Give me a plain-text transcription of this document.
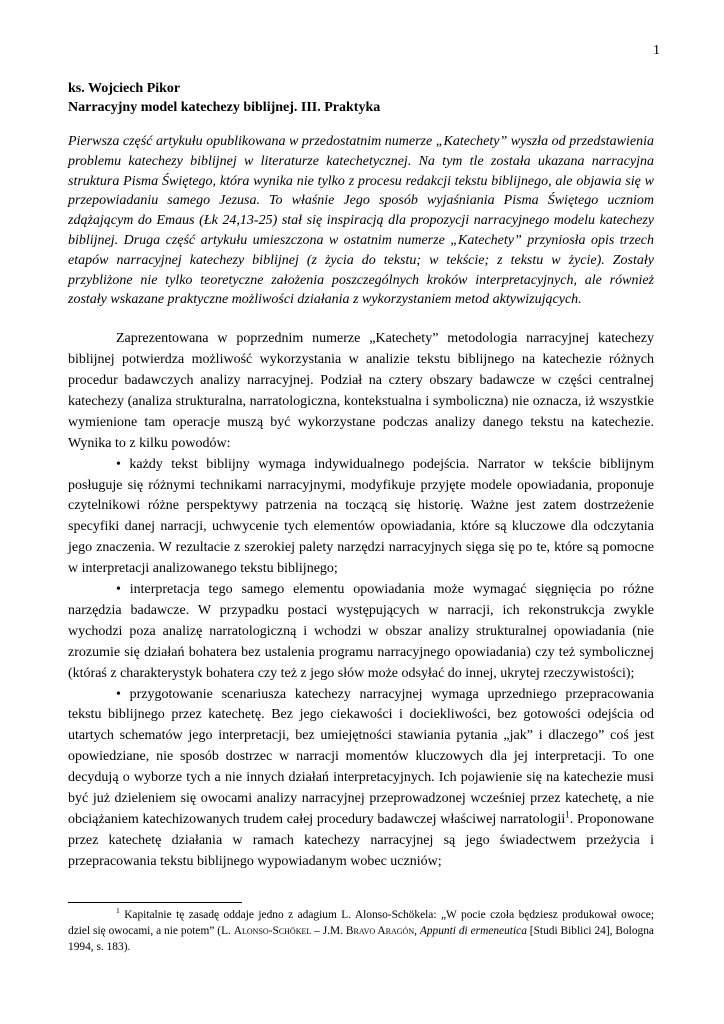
1
ks. Wojciech Pikor
Narracyjny model katechezy biblijnej. III. Praktyka

Pierwsza część artykułu opublikowana w przedostatnim numerze „Katechety” wyszła od przedstawienia problemu katechezy biblijnej w literaturze katechetycznej. Na tym tle została ukazana narracyjna struktura Pisma Świętego, która wynika nie tylko z procesu redakcji tekstu biblijnego, ale objawia się w przepowiadaniu samego Jezusa. To właśnie Jego sposób wyjaśniania Pisma Świętego uczniom zdążającym do Emaus (Łk 24,13-25) stał się inspiracją dla propozycji narracyjnego modelu katechezy biblijnej. Druga część artykułu umieszczona w ostatnim numerze „Katechety” przyniosła opis trzech etapów narracyjnej katechezy biblijnej (z życia do tekstu; w tekście; z tekstu w życie). Zostały przybliżone nie tylko teoretyczne założenia poszczególnych kroków interpretacyjnych, ale również zostały wskazane praktyczne możliwości działania z wykorzystaniem metod aktywizujących.

Zaprezentowana w poprzednim numerze „Katechety” metodologia narracyjnej katechezy biblijnej potwierdza możliwość wykorzystania w analizie tekstu biblijnego na katechezie różnych procedur badawczych analizy narracyjnej. Podział na cztery obszary badawcze w części centralnej katechezy (analiza strukturalna, narratologiczna, kontekstualna i symboliczna) nie oznacza, iż wszystkie wymienione tam operacje muszą być wykorzystane podczas analizy danego tekstu na katechezie. Wynika to z kilku powodów:

• każdy tekst biblijny wymaga indywidualnego podejścia. Narrator w tekście biblijnym posługuje się różnymi technikami narracyjnymi, modyfikuje przyjęte modele opowiadania, proponuje czytelnikowi różne perspektywy patrzenia na toczącą się historię. Ważne jest zatem dostrzeżenie specyfiki danej narracji, uchwycenie tych elementów opowiadania, które są kluczowe dla odczytania jego znaczenia. W rezultacie z szerokiej palety narzędzi narracyjnych sięga się po te, które są pomocne w interpretacji analizowanego tekstu biblijnego;

• interpretacja tego samego elementu opowiadania może wymagać sięgnięcia po różne narzędzia badawcze. W przypadku postaci występujących w narracji, ich rekonstrukcja zwykle wychodzi poza analizę narratologiczną i wchodzi w obszar analizy strukturalnej opowiadania (nie zrozumie się działań bohatera bez ustalenia programu narracyjnego opowiadania) czy też symbolicznej (któraś z charakterystyk bohatera czy też z jego słów może odsyłać do innej, ukrytej rzeczywistości);

• przygotowanie scenariusza katechezy narracyjnej wymaga uprzedniego przepracowania tekstu biblijnego przez katechetę. Bez jego ciekawości i dociekliwości, bez gotowości odejścia od utartych schematów jego interpretacji, bez umiejętności stawiania pytania „jak” i dlaczego” coś jest opowiedziane, nie sposób dostrzec w narracji momentów kluczowych dla jej interpretacji. To one decydują o wyborze tych a nie innych działań interpretacyjnych. Ich pojawienie się na katechezie musi być już dzieleniem się owocami analizy narracyjnej przeprowadzonej wcześniej przez katechetę, a nie obciążaniem katechizowanych trudem całej procedury badawczej właściwej narratologii$^1$. Proponowane przez katechetę działania w ramach katechezy narracyjnej są jego świadectwem przeżycia i przepracowania tekstu biblijnego wypowiadanym wobec uczniów;

$^1$ Kapitalnie tę zasadę oddaje jedno z adagium L. Alonso-Schökela: „W pocie czoła będziesz produkował owoce; dziel się owocami, a nie potem” (L. Alonso-Schökel – J.M. Bravo Aragón, Appunti di ermeneutica [Studi Biblici 24], Bologna 1994, s. 183).
